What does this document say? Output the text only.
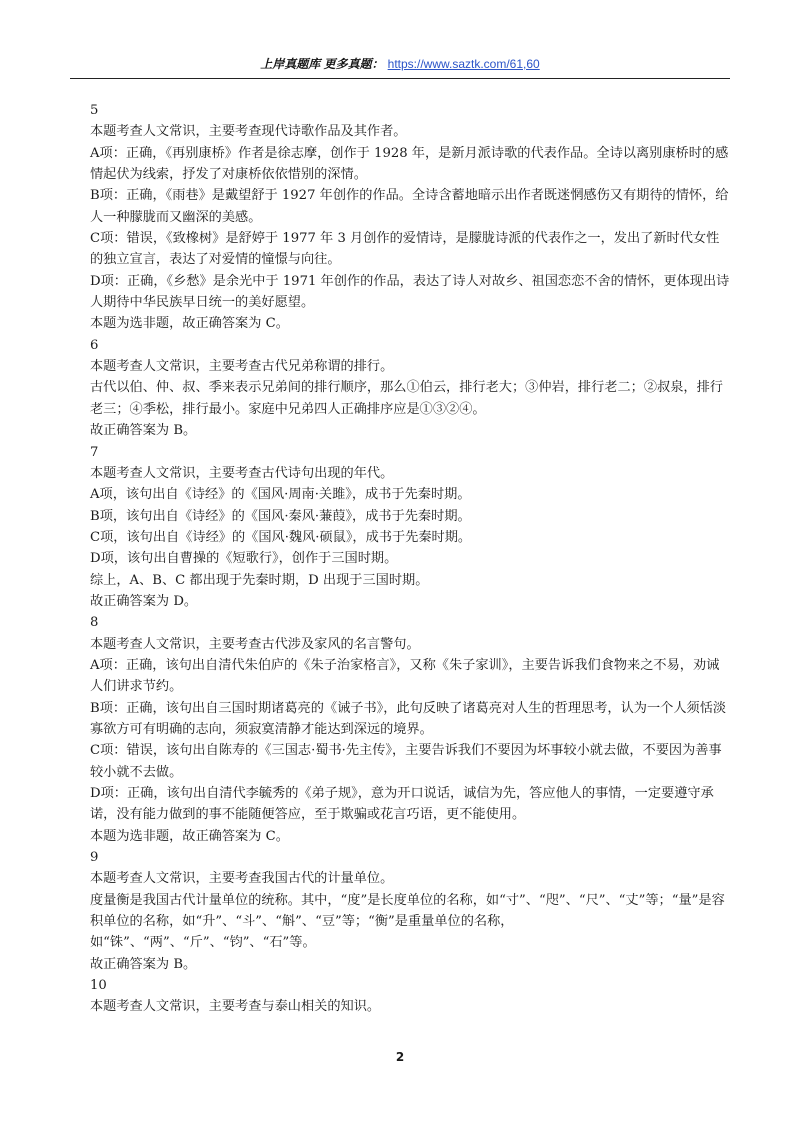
上岸真题库 更多真题： https://www.saztk.com/61,60

5

本题考查人文常识，主要考查现代诗歌作品及其作者。

A项：正确，《再别康桥》作者是徐志摩，创作于 1928 年，是新月派诗歌的代表作品。全诗以离别康桥时的感情起伏为线索，抒发了对康桥依依惜别的深情。

B项：正确，《雨巷》是戴望舒于 1927 年创作的作品。全诗含蓄地暗示出作者既迷惘感伤又有期待的情怀，给人一种朦胧而又幽深的美感。

C项：错误，《致橡树》是舒婷于 1977 年 3 月创作的爱情诗，是朦胧诗派的代表作之一，发出了新时代女性的独立宣言，表达了对爱情的憧憬与向往。

D项：正确，《乡愁》是余光中于 1971 年创作的作品，表达了诗人对故乡、祖国恋恋不舍的情怀，更体现出诗人期待中华民族早日统一的美好愿望。

本题为选非题，故正确答案为 C。

6

本题考查人文常识，主要考查古代兄弟称谓的排行。

古代以伯、仲、叔、季来表示兄弟间的排行顺序，那么①伯云，排行老大；③仲岩，排行老二；②叔泉，排行老三；④季松，排行最小。家庭中兄弟四人正确排序应是①③②④。

故正确答案为 B。

7

本题考查人文常识，主要考查古代诗句出现的年代。

A项，该句出自《诗经》的《国风·周南·关雎》，成书于先秦时期。

B项，该句出自《诗经》的《国风·秦风·蒹葭》，成书于先秦时期。

C项，该句出自《诗经》的《国风·魏风·硕鼠》，成书于先秦时期。

D项，该句出自曹操的《短歌行》，创作于三国时期。

综上，A、B、C 都出现于先秦时期，D 出现于三国时期。

故正确答案为 D。

8

本题考查人文常识，主要考查古代涉及家风的名言警句。

A项：正确，该句出自清代朱伯庐的《朱子治家格言》，又称《朱子家训》，主要告诉我们食物来之不易，劝诫人们讲求节约。

B项：正确，该句出自三国时期诸葛亮的《诫子书》，此句反映了诸葛亮对人生的哲理思考，认为一个人须恬淡寡欲方可有明确的志向，须寂寞清静才能达到深远的境界。

C项：错误，该句出自陈寿的《三国志·蜀书·先主传》，主要告诉我们不要因为坏事较小就去做，不要因为善事较小就不去做。

D项：正确，该句出自清代李毓秀的《弟子规》，意为开口说话，诚信为先，答应他人的事情，一定要遵守承诺，没有能力做到的事不能随便答应，至于欺骗或花言巧语，更不能使用。

本题为选非题，故正确答案为 C。

9

本题考查人文常识，主要考查我国古代的计量单位。

度量衡是我国古代计量单位的统称。其中，“度”是长度单位的名称，如“寸”、“咫”、“尺”、“丈”等；“量”是容积单位的名称，如“升”、“斗”、“斛”、“豆”等；“衡”是重量单位的名称，如“铢”、“两”、“斤”、“钧”、“石”等。

故正确答案为 B。

10

本题考查人文常识，主要考查与泰山相关的知识。

2
